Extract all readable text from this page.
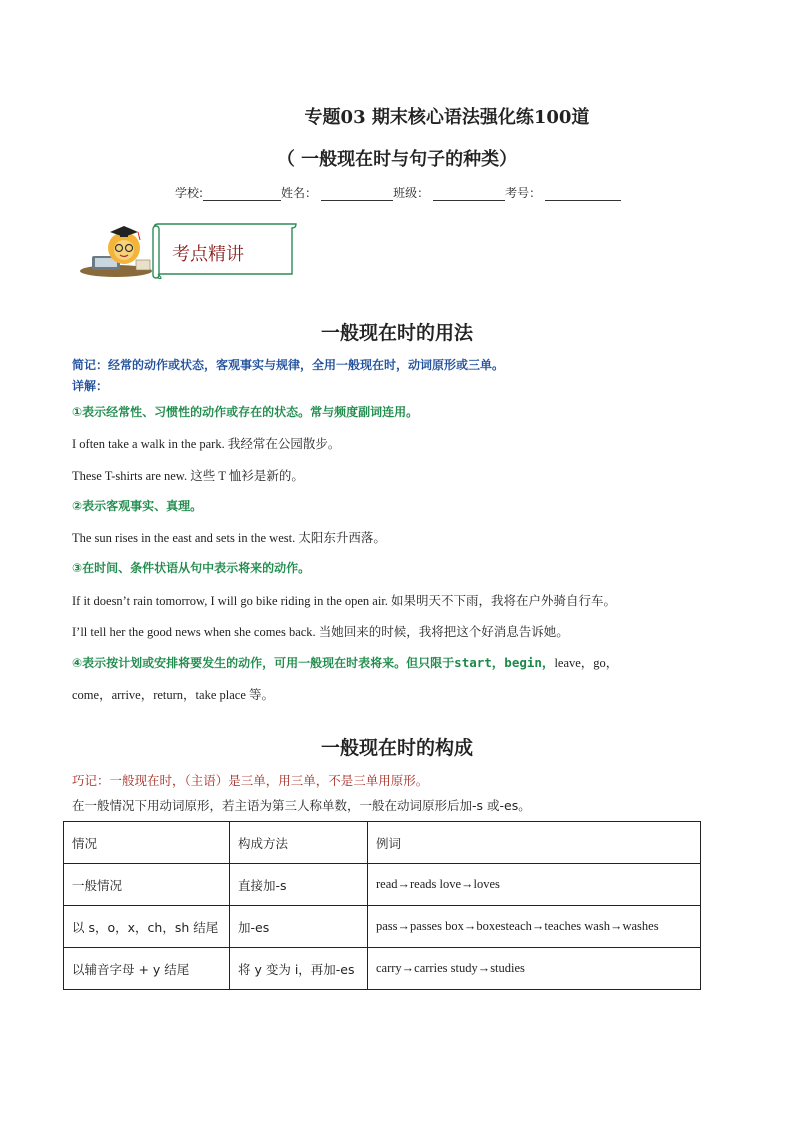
专题03 期末核心语法强化练100道
（ 一般现在时与句子的种类）
学校:	姓名：	班级：	考号：
考点精讲
一般现在时的用法
简记：经常的动作或状态，客观事实与规律，全用一般现在时，动词原形或三单。
详解：
①表示经常性、习惯性的动作或存在的状态。常与频度副词连用。
I often take a walk in the park. 我经常在公园散步。
These T-shirts are new. 这些 T 恤衫是新的。
②表示客观事实、真理。
The sun rises in the east and sets in the west. 太阳东升西落。
③在时间、条件状语从句中表示将来的动作。
If it doesn’t rain tomorrow, I will go bike riding in the open air. 如果明天不下雨，我将在户外骑自行车。
I’ll tell her the good news when she comes back. 当她回来的时候，我将把这个好消息告诉她。
④表示按计划或安排将要发生的动作，可用一般现在时表将来。但只限于start，begin，leave，go，
come，arrive，return，take place 等。
一般现在时的构成
巧记：一般现在时，（主语）是三单，用三单，不是三单用原形。
在一般情况下用动词原形，若主语为第三人称单数，一般在动词原形后加-s 或-es。
情况	构成方法	例词
一般情况	直接加-s	read→reads love→loves
以 s，o，x，ch，sh 结尾	加-es	pass→passes box→boxesteach→teaches wash→washes
以辅音字母 + y 结尾	将 y 变为 i，再加-es	carry→carries study→studies
